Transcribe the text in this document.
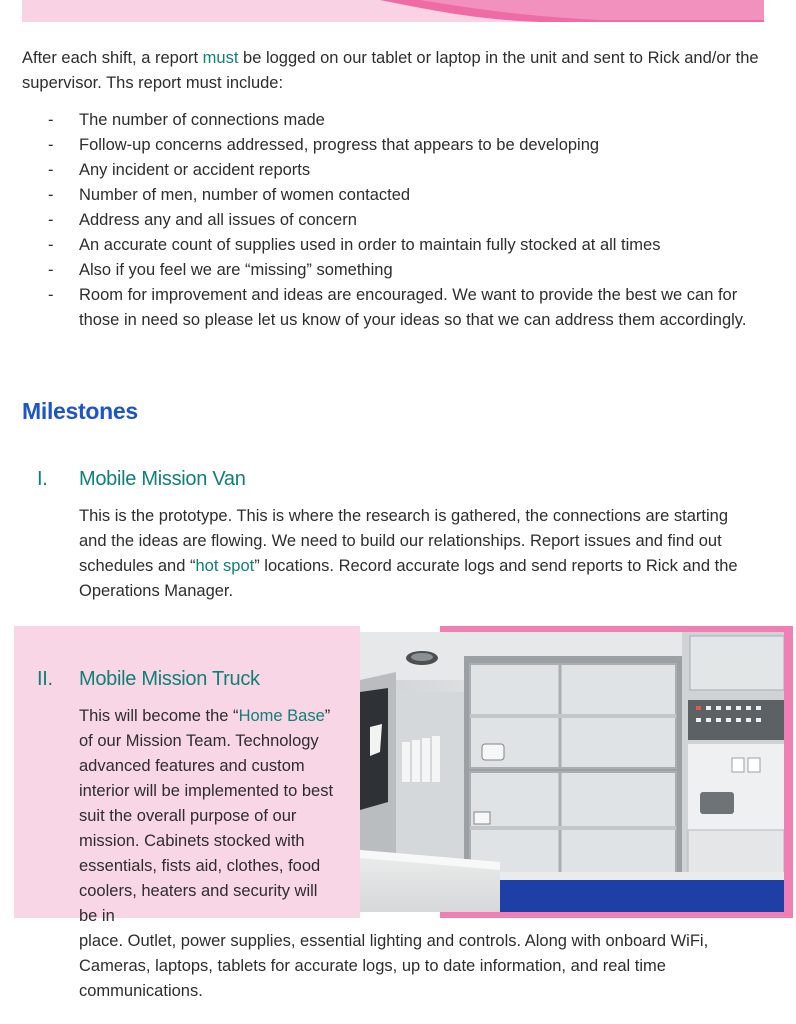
After each shift, a report must be logged on our tablet or laptop in the unit and sent to Rick and/or the supervisor. Ths report must include:

- The number of connections made
- Follow-up concerns addressed, progress that appears to be developing
- Any incident or accident reports
- Number of men, number of women contacted
- Address any and all issues of concern
- An accurate count of supplies used in order to maintain fully stocked at all times
- Also if you feel we are “missing” something
- Room for improvement and ideas are encouraged. We want to provide the best we can for those in need so please let us know of your ideas so that we can address them accordingly.
Milestones
I. Mobile Mission Van

This is the prototype. This is where the research is gathered, the connections are starting and the ideas are flowing. We need to build our relationships. Report issues and find out schedules and “hot spot” locations. Record accurate logs and send reports to Rick and the Operations Manager.

II. Mobile Mission Truck

This will become the “Home Base” of our Mission Team. Technology advanced features and custom interior will be implemented to best suit the overall purpose of our mission. Cabinets stocked with essentials, fists aid, clothes, food coolers, heaters and security will be in

place. Outlet, power supplies, essential lighting and controls. Along with onboard WiFi, Cameras, laptops, tablets for accurate logs, up to date information, and real time communications.
